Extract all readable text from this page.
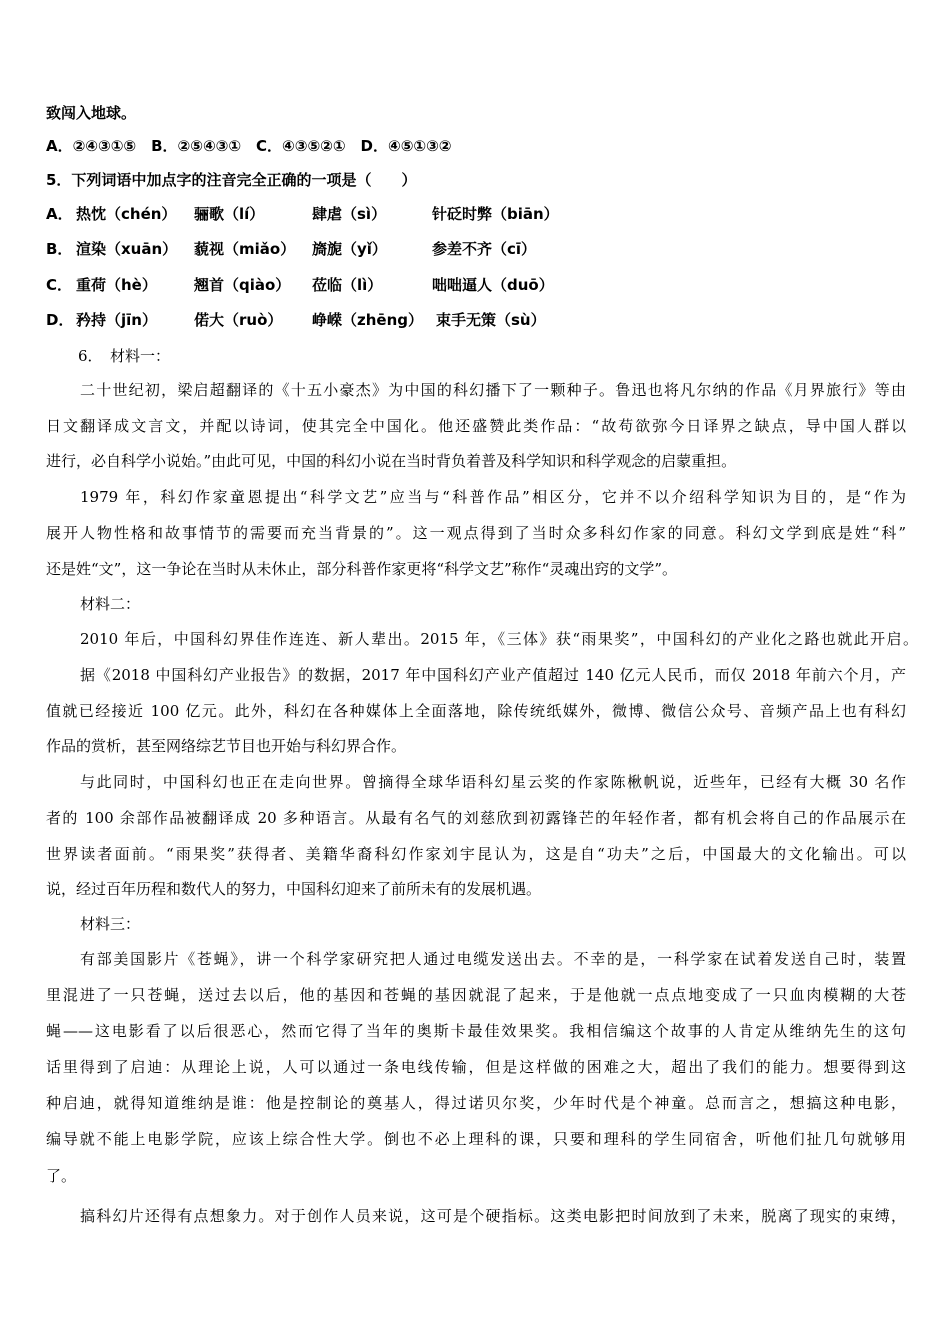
致闯入地球。
A．②④③①⑤　B．②⑤④③①　C．④③⑤②①　D．④⑤①③②
5．下列词语中加点字的注音完全正确的一项是（　　）
A． 热忱（chén） 骊歌（lí）	肆虐（sì）	针砭时弊（biān）
B． 渲染（xuān） 藐视（miǎo） 旖旎（yǐ）	参差不齐（cī）
C． 重荷（hè） 翘首（qiào） 莅临（lì）	咄咄逼人（duō）
D． 矜持（jīn） 偌大（ruò） 峥嵘（zhēng） 束手无策（sù）
6．　材料一：
二十世纪初，梁启超翻译的《十五小豪杰》为中国的科幻播下了一颗种子。鲁迅也将凡尔纳的作品《月界旅行》等由
日文翻译成文言文，并配以诗词，使其完全中国化。他还盛赞此类作品：“故苟欲弥今日译界之缺点，导中国人群以
进行，必自科学小说始。”由此可见，中国的科幻小说在当时背负着普及科学知识和科学观念的启蒙重担。
1979 年，科幻作家童恩提出“科学文艺”应当与“科普作品”相区分，它并不以介绍科学知识为目的，是“作为
展开人物性格和故事情节的需要而充当背景的”。这一观点得到了当时众多科幻作家的同意。科幻文学到底是姓“科”
还是姓“文”，这一争论在当时从未休止，部分科普作家更将“科学文艺”称作“灵魂出窍的文学”。
材料二：
2010 年后，中国科幻界佳作连连、新人辈出。2015 年，《三体》获“雨果奖”，中国科幻的产业化之路也就此开启。
据《2018 中国科幻产业报告》的数据，2017 年中国科幻产业产值超过 140 亿元人民币，而仅 2018 年前六个月，产
值就已经接近 100 亿元。此外，科幻在各种媒体上全面落地，除传统纸媒外，微博、微信公众号、音频产品上也有科幻
作品的赏析，甚至网络综艺节目也开始与科幻界合作。
与此同时，中国科幻也正在走向世界。曾摘得全球华语科幻星云奖的作家陈楸帆说，近些年，已经有大概 30 名作
者的 100 余部作品被翻译成 20 多种语言。从最有名气的刘慈欣到初露锋芒的年轻作者，都有机会将自己的作品展示在
世界读者面前。“雨果奖”获得者、美籍华裔科幻作家刘宇昆认为，这是自“功夫”之后，中国最大的文化输出。可以
说，经过百年历程和数代人的努力，中国科幻迎来了前所未有的发展机遇。
材料三：
有部美国影片《苍蝇》，讲一个科学家研究把人通过电缆发送出去。不幸的是，一科学家在试着发送自己时，装置
里混进了一只苍蝇，送过去以后，他的基因和苍蝇的基因就混了起来，于是他就一点点地变成了一只血肉模糊的大苍
蝇——这电影看了以后很恶心，然而它得了当年的奥斯卡最佳效果奖。我相信编这个故事的人肯定从维纳先生的这句
话里得到了启迪：从理论上说，人可以通过一条电线传输，但是这样做的困难之大，超出了我们的能力。想要得到这
种启迪，就得知道维纳是谁：他是控制论的奠基人，得过诺贝尔奖，少年时代是个神童。总而言之，想搞这种电影，
编导就不能上电影学院，应该上综合性大学。倒也不必上理科的课，只要和理科的学生同宿舍，听他们扯几句就够用
了。
搞科幻片还得有点想象力。对于创作人员来说，这可是个硬指标。这类电影把时间放到了未来，脱离了现实的束缚，
